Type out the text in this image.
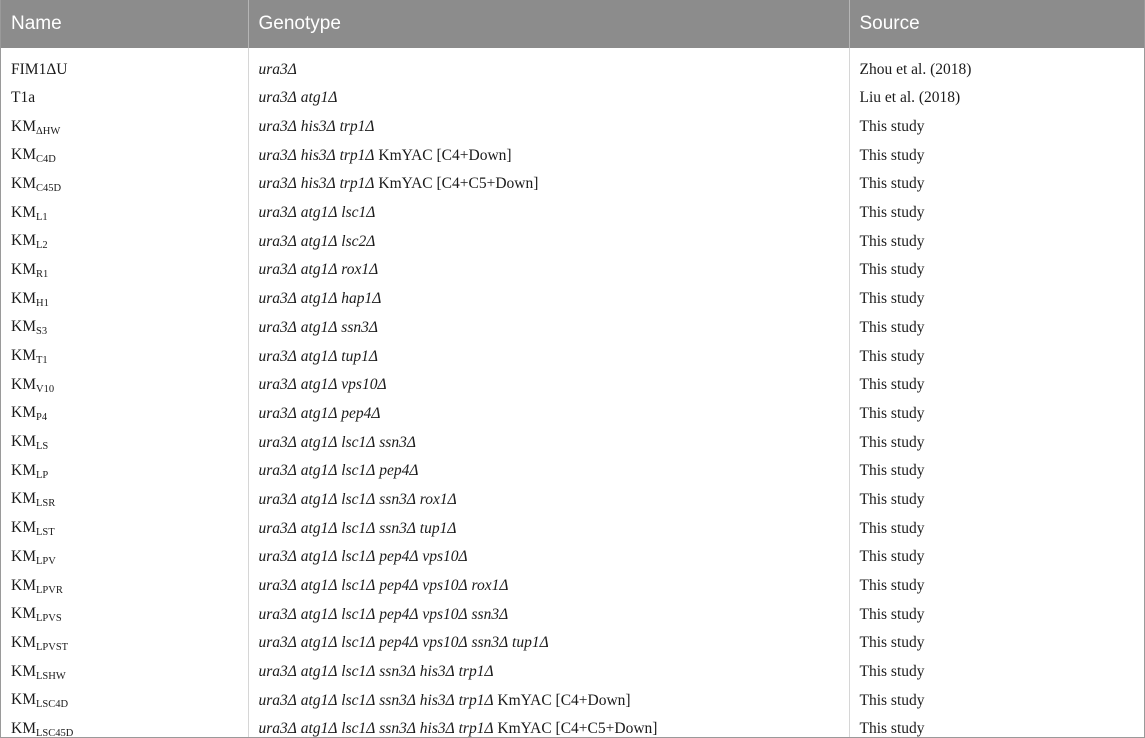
Name	Genotype	Source
FIM1ΔU	ura3Δ	Zhou et al. (2018)
T1a	ura3Δ atg1Δ	Liu et al. (2018)
$KM_{\Delta HW}$	ura3Δ his3Δ trp1Δ	This study
$KM_{C4D}$	ura3Δ his3Δ trp1Δ KmYAC [C4+Down]	This study
$KM_{C45D}$	ura3Δ his3Δ trp1Δ KmYAC [C4+C5+Down]	This study
$KM_{L1}$	ura3Δ atg1Δ lsc1Δ	This study
$KM_{L2}$	ura3Δ atg1Δ lsc2Δ	This study
$KM_{R1}$	ura3Δ atg1Δ rox1Δ	This study
$KM_{H1}$	ura3Δ atg1Δ hap1Δ	This study
$KM_{S3}$	ura3Δ atg1Δ ssn3Δ	This study
$KM_{T1}$	ura3Δ atg1Δ tup1Δ	This study
$KM_{V10}$	ura3Δ atg1Δ vps10Δ	This study
$KM_{P4}$	ura3Δ atg1Δ pep4Δ	This study
$KM_{LS}$	ura3Δ atg1Δ lsc1Δ ssn3Δ	This study
$KM_{LP}$	ura3Δ atg1Δ lsc1Δ pep4Δ	This study
$KM_{LSR}$	ura3Δ atg1Δ lsc1Δ ssn3Δ rox1Δ	This study
$KM_{LST}$	ura3Δ atg1Δ lsc1Δ ssn3Δ tup1Δ	This study
$KM_{LPV}$	ura3Δ atg1Δ lsc1Δ pep4Δ vps10Δ	This study
$KM_{LPVR}$	ura3Δ atg1Δ lsc1Δ pep4Δ vps10Δ rox1Δ	This study
$KM_{LPVS}$	ura3Δ atg1Δ lsc1Δ pep4Δ vps10Δ ssn3Δ	This study
$KM_{LPVST}$	ura3Δ atg1Δ lsc1Δ pep4Δ vps10Δ ssn3Δ tup1Δ	This study
$KM_{LSHW}$	ura3Δ atg1Δ lsc1Δ ssn3Δ his3Δ trp1Δ	This study
$KM_{LSC4D}$	ura3Δ atg1Δ lsc1Δ ssn3Δ his3Δ trp1Δ KmYAC [C4+Down]	This study
$KM_{LSC45D}$	ura3Δ atg1Δ lsc1Δ ssn3Δ his3Δ trp1Δ KmYAC [C4+C5+Down]	This study
